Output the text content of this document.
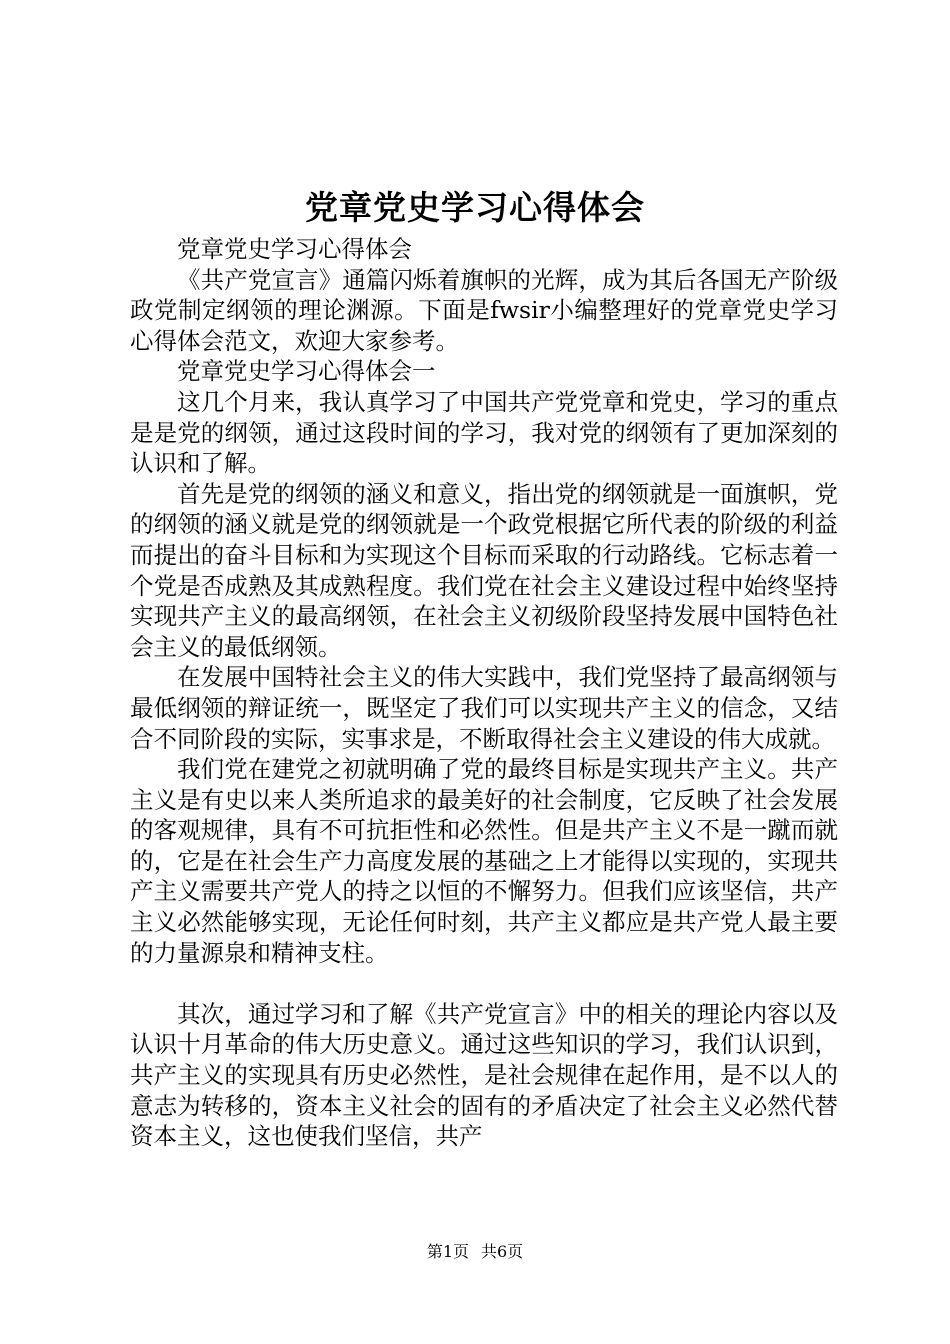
党章党史学习心得体会

党章党史学习心得体会

《共产党宣言》通篇闪烁着旗帜的光辉，成为其后各国无产阶级政党制定纲领的理论渊源。下面是fwsir小编整理好的党章党史学习心得体会范文，欢迎大家参考。

党章党史学习心得体会一

这几个月来，我认真学习了中国共产党党章和党史，学习的重点是是党的纲领，通过这段时间的学习，我对党的纲领有了更加深刻的认识和了解。

首先是党的纲领的涵义和意义，指出党的纲领就是一面旗帜，党的纲领的涵义就是党的纲领就是一个政党根据它所代表的阶级的利益而提出的奋斗目标和为实现这个目标而采取的行动路线。它标志着一个党是否成熟及其成熟程度。我们党在社会主义建设过程中始终坚持实现共产主义的最高纲领，在社会主义初级阶段坚持发展中国特色社会主义的最低纲领。

在发展中国特社会主义的伟大实践中，我们党坚持了最高纲领与最低纲领的辩证统一，既坚定了我们可以实现共产主义的信念，又结合不同阶段的实际，实事求是，不断取得社会主义建设的伟大成就。

我们党在建党之初就明确了党的最终目标是实现共产主义。共产主义是有史以来人类所追求的最美好的社会制度，它反映了社会发展的客观规律，具有不可抗拒性和必然性。但是共产主义不是一蹴而就的，它是在社会生产力高度发展的基础之上才能得以实现的，实现共产主义需要共产党人的持之以恒的不懈努力。但我们应该坚信，共产主义必然能够实现，无论任何时刻，共产主义都应是共产党人最主要的力量源泉和精神支柱。

其次，通过学习和了解《共产党宣言》中的相关的理论内容以及认识十月革命的伟大历史意义。通过这些知识的学习，我们认识到，共产主义的实现具有历史必然性，是社会规律在起作用，是不以人的意志为转移的，资本主义社会的固有的矛盾决定了社会主义必然代替资本主义，这也使我们坚信，共产

第1页 共6页
